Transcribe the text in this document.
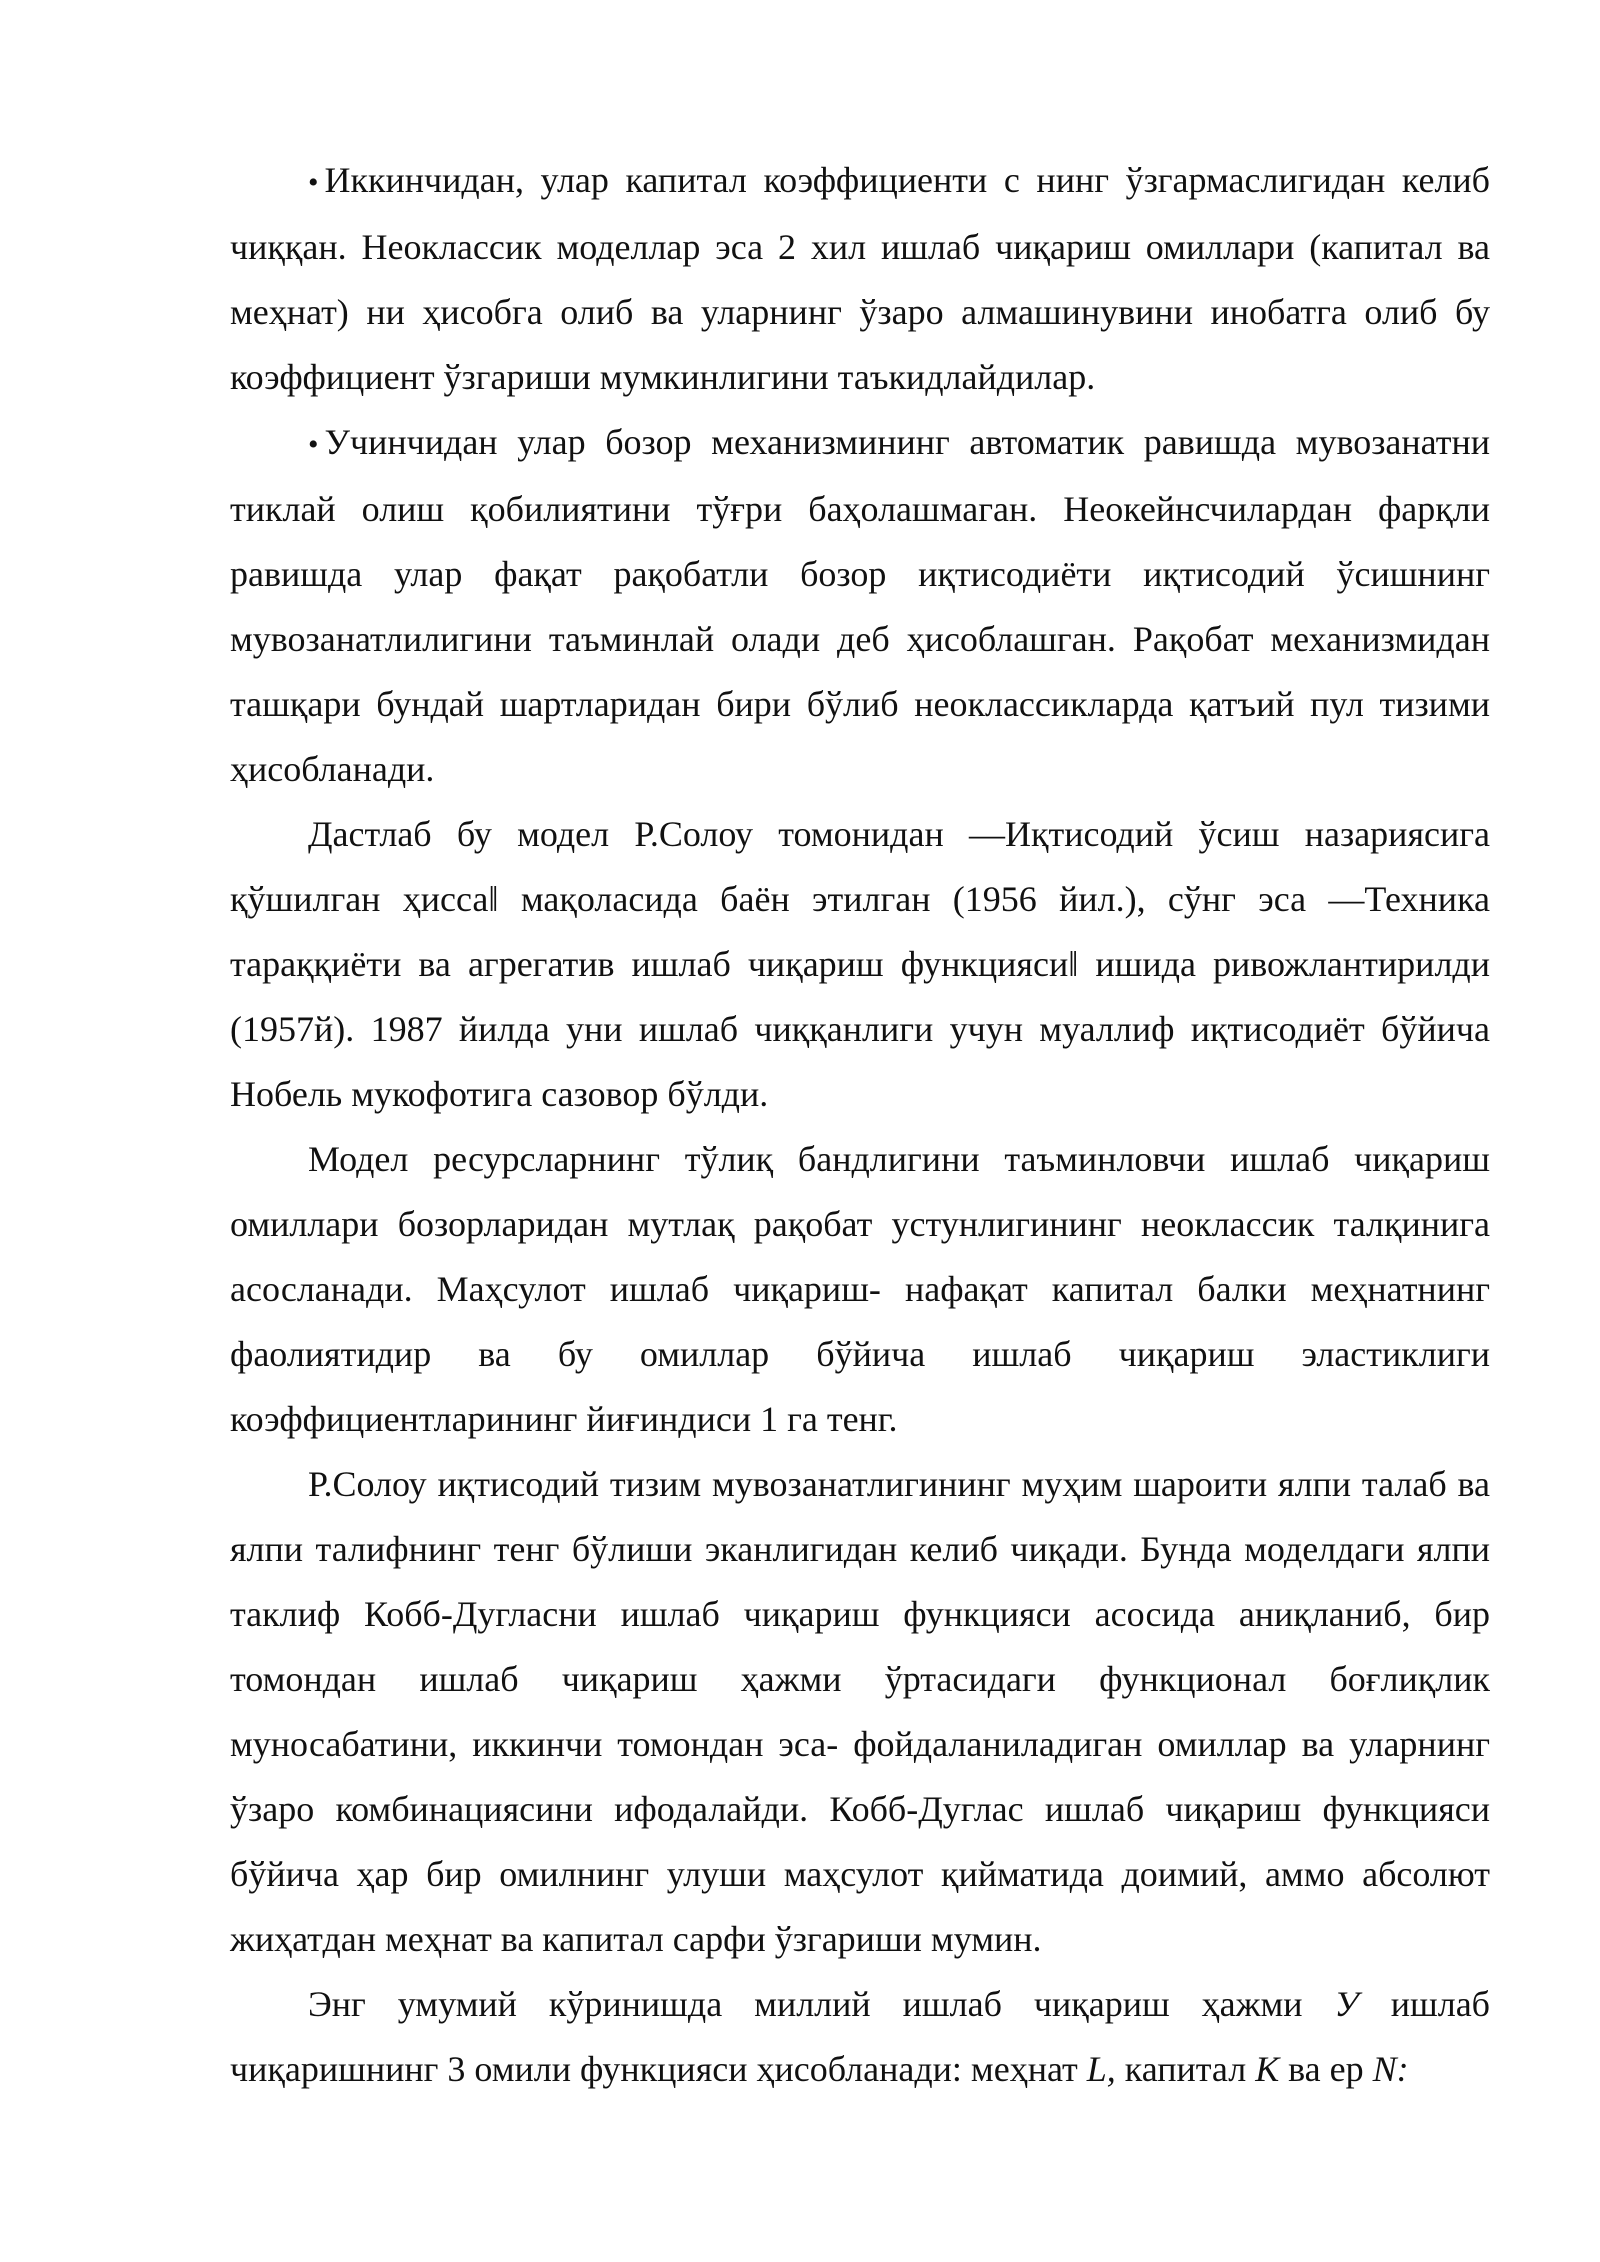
• Иккинчидан, улар капитал коэффициенти с нинг ўзгармаслигидан келиб чиққан. Неоклассик моделлар эса 2 хил ишлаб чиқариш омиллари (капитал ва меҳнат) ни ҳисобга олиб ва уларнинг ўзаро алмашинувини инобатга олиб бу коэффициент ўзгариши мумкинлигини таъкидлайдилар.

• Учинчидан улар бозор механизмининг автоматик равишда мувозанатни тиклай олиш қобилиятини тўғри баҳолашмаган. Неокейнсчилардан фарқли равишда улар фақат рақобатли бозор иқтисодиёти иқтисодий ўсишнинг мувозанатлилигини таъминлай олади деб ҳисоблашган. Рақобат механизмидан ташқари бундай шартларидан бири бўлиб неоклассикларда қатъий пул тизими ҳисобланади.

Дастлаб бу модел Р.Солоу томонидан ―Иқтисодий ўсиш назариясига қўшилган ҳисса‖ мақоласида баён этилган (1956 йил.), сўнг эса ―Техника тараққиёти ва агрегатив ишлаб чиқариш функцияси‖ ишида ривожлантирилди (1957й). 1987 йилда уни ишлаб чиққанлиги учун муаллиф иқтисодиёт бўйича Нобель мукофотига сазовор бўлди.

Модел ресурсларнинг тўлиқ бандлигини таъминловчи ишлаб чиқариш омиллари бозорларидан мутлақ рақобат устунлигининг неоклассик талқинига асосланади. Маҳсулот ишлаб чиқариш- нафақат капитал балки меҳнатнинг фаолиятидир ва бу омиллар бўйича ишлаб чиқариш эластиклиги коэффициентларининг йиғиндиси 1 га тенг.

Р.Солоу иқтисодий тизим мувозанатлигининг муҳим шароити ялпи талаб ва ялпи талифнинг тенг бўлиши эканлигидан келиб чиқади. Бунда моделдаги ялпи таклиф Кобб-Дугласни ишлаб чиқариш функцияси асосида аниқланиб, бир томондан ишлаб чиқариш ҳажми ўртасидаги функционал боғлиқлик муносабатини, иккинчи томондан эса- фойдаланиладиган омиллар ва уларнинг ўзаро комбинациясини ифодалайди. Кобб-Дуглас ишлаб чиқариш функцияси бўйича ҳар бир омилнинг улуши маҳсулот қийматида доимий, аммо абсолют жиҳатдан меҳнат ва капитал сарфи ўзгариши мумин.

Энг умумий кўринишда миллий ишлаб чиқариш ҳажми У ишлаб чиқаришнинг 3 омили функцияси ҳисобланади: меҳнат L, капитал К ва ер N:
